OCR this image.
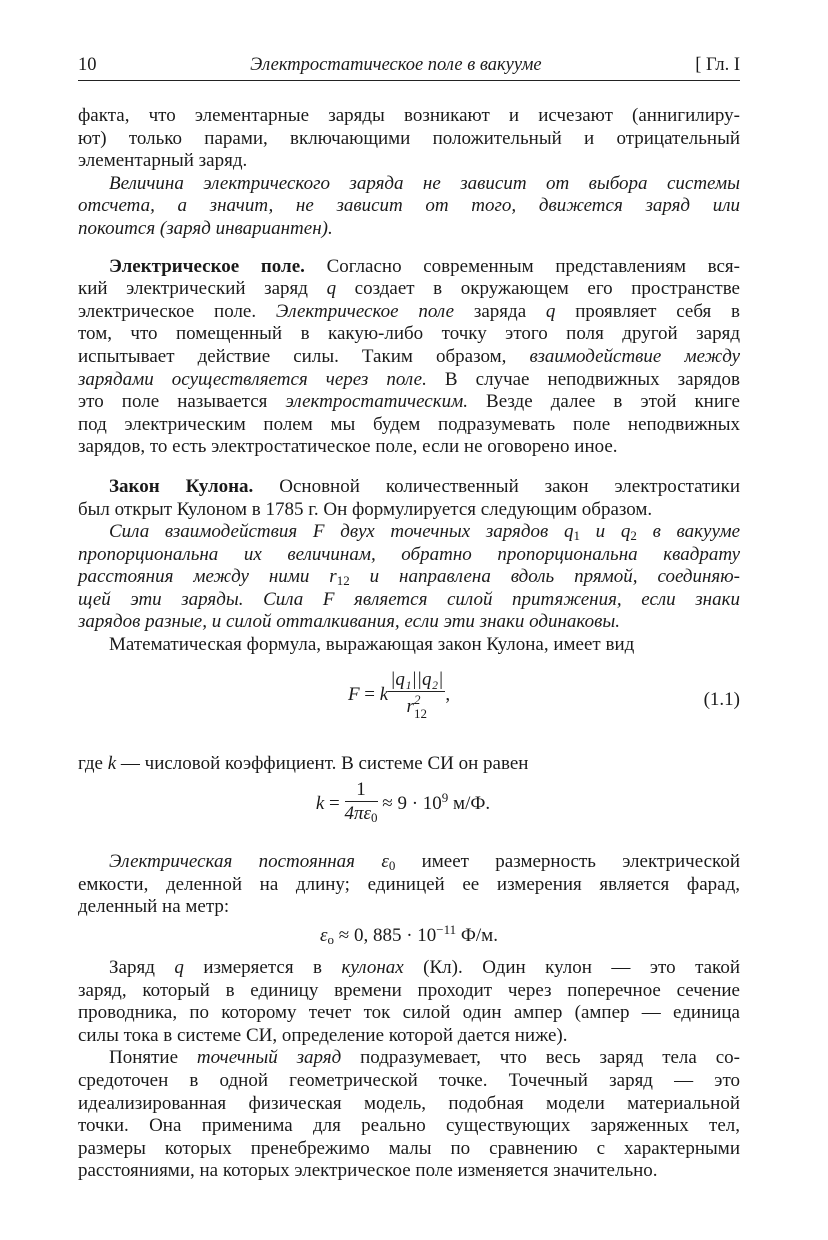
10	Электростатическое поле в вакууме	[ Гл. I
факта, что элементарные заряды возникают и исчезают (аннигилиру-
ют) только парами, включающими положительный и отрицательный
элементарный заряд.
Величина электрического заряда не зависит от выбора системы
отсчета, а значит, не зависит от того, движется заряд или
покоится (заряд инвариантен).
Электрическое поле. Согласно современным представлениям вся-
кий электрический заряд q создает в окружающем его пространстве
электрическое поле. Электрическое поле заряда q проявляет себя в
том, что помещенный в какую-либо точку этого поля другой заряд
испытывает действие силы. Таким образом, взаимодействие между
зарядами осуществляется через поле. В случае неподвижных зарядов
это поле называется электростатическим. Везде далее в этой книге
под электрическим полем мы будем подразумевать поле неподвижных
зарядов, то есть электростатическое поле, если не оговорено иное.
Закон Кулона. Основной количественный закон электростатики
был открыт Кулоном в 1785 г. Он формулируется следующим образом.
Сила взаимодействия F двух точечных зарядов q1 и q2 в вакууме
пропорциональна их величинам, обратно пропорциональна квадрату
расстояния между ними r12 и направлена вдоль прямой, соединяю-
щей эти заряды. Сила F является силой притяжения, если знаки
зарядов разные, и силой отталкивания, если эти знаки одинаковы.
Математическая формула, выражающая закон Кулона, имеет вид
F = k |q₁||q₂|
r 2
12 ,	(1.1)
где k — числовой коэффициент. В системе СИ он равен
$k = \frac{1}{4\pi\varepsilon 0} \approx 9 \cdot 10^9$ м/Ф.
Электрическая постоянная ε0 имеет размерность электрической
емкости, деленной на длину; единицей ее измерения является фарад,
деленный на метр:
εo ≈ 0, $885 \cdot 10^{-11}$ Ф/м.
Заряд q измеряется в кулонах (Кл). Один кулон — это такой
заряд, который в единицу времени проходит через поперечное сечение
проводника, по которому течет ток силой один ампер (ампер — единица
силы тока в системе СИ, определение которой дается ниже).
Понятие точечный заряд подразумевает, что весь заряд тела со-
средоточен в одной геометрической точке. Точечный заряд — это
идеализированная физическая модель, подобная модели материальной
точки. Она применима для реально существующих заряженных тел,
размеры которых пренебрежимо малы по сравнению с характерными
расстояниями, на которых электрическое поле изменяется значительно.
